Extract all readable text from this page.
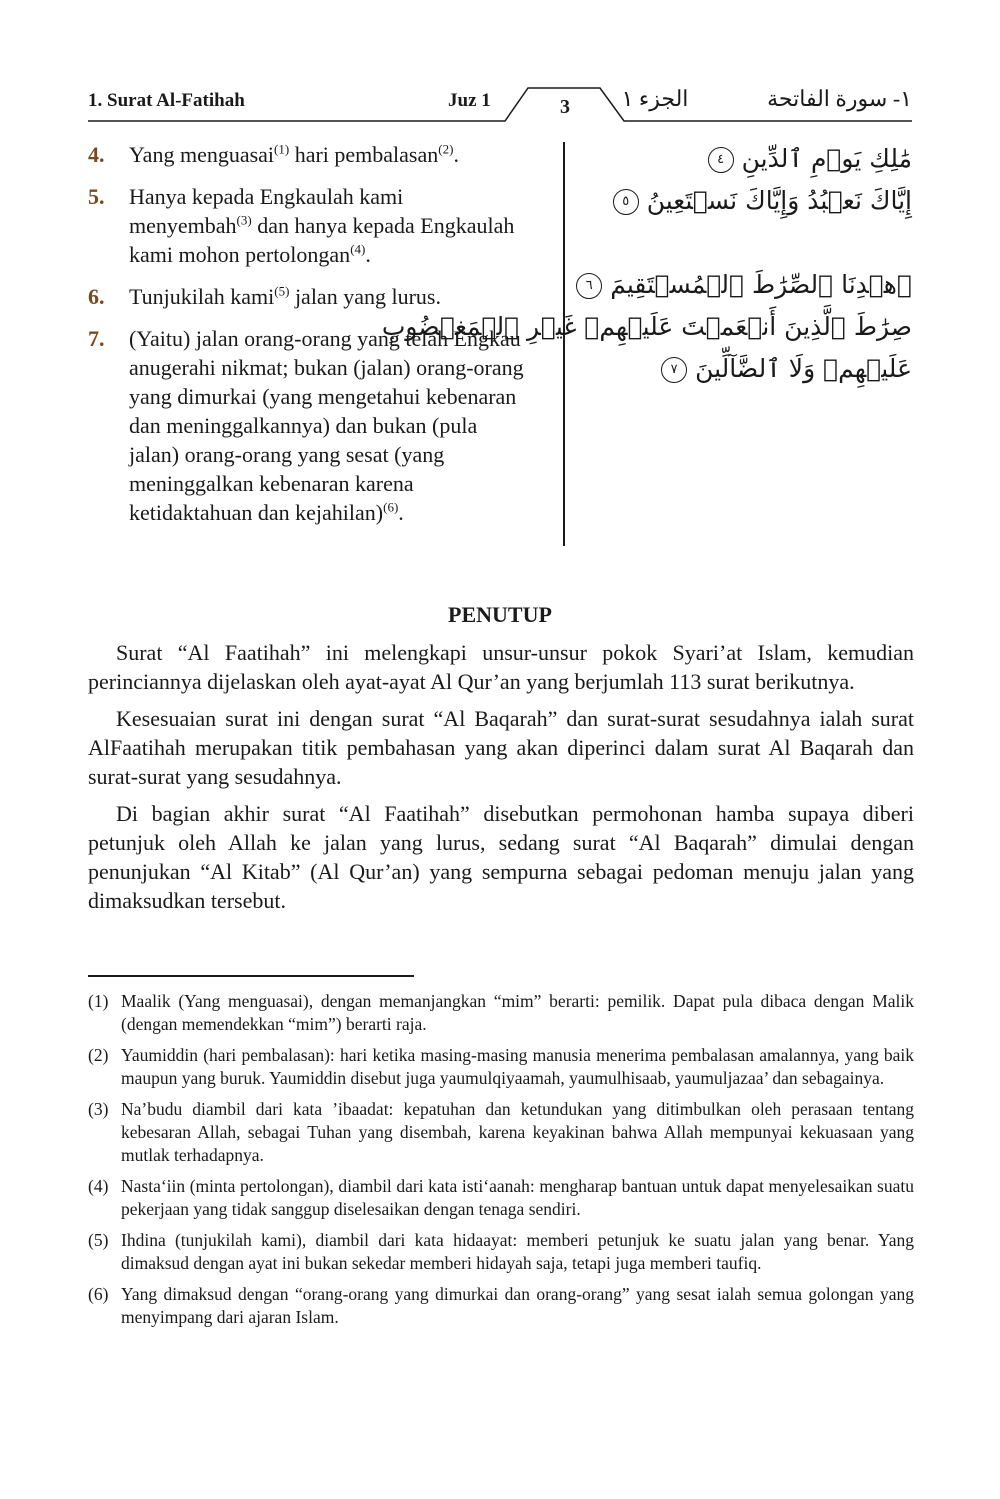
1. Surat Al-Fatihah	Juz 1	3	الجزء ١	١- سورة الفاتحة
4.	Yang menguasai$^{(1)}$ hari pembalasan$^{(2)}$.
5.	Hanya kepada Engkaulah kami menyembah$^{(3)}$ dan hanya kepada Engkaulah kami mohon pertolongan$^{(4)}$.
6.	Tunjukilah kami$^{(5)}$ jalan yang lurus.
7.	(Yaitu) jalan orang-orang yang telah Engkau anugerahi nikmat; bukan (jalan) orang-orang yang dimurkai (yang mengetahui kebenaran dan meninggalkannya) dan bukan (pula jalan) orang-orang yang sesat (yang meninggalkan kebenaran karena ketidaktahuan dan kejahilan)$^{(6)}$.
مَٰلِكِ يَوۡمِ ٱلدِّينِ ٤
إِيَّاكَ نَعۡبُدُ وَإِيَّاكَ نَسۡتَعِينُ ٥
ٱهۡدِنَا ٱلصِّرَٰطَ ٱلۡمُسۡتَقِيمَ ٦
صِرَٰطَ ٱلَّذِينَ أَنۡعَمۡتَ عَلَيۡهِمۡ غَيۡرِ ٱلۡمَغۡضُوبِ
عَلَيۡهِمۡ وَلَا ٱلضَّآلِّينَ ٧
PENUTUP

Surat “Al Faatihah” ini melengkapi unsur-unsur pokok Syari’at Islam, kemudian perinciannya dijelaskan oleh ayat-ayat Al Qur’an yang berjumlah 113 surat berikutnya.

Kesesuaian surat ini dengan surat “Al Baqarah” dan surat-surat sesudahnya ialah surat AlFaatihah merupakan titik pembahasan yang akan diperinci dalam surat Al Baqarah dan surat-surat yang sesudahnya.

Di bagian akhir surat “Al Faatihah” disebutkan permohonan hamba supaya diberi petunjuk oleh Allah ke jalan yang lurus, sedang surat “Al Baqarah” dimulai dengan penunjukan “Al Kitab” (Al Qur’an) yang sempurna sebagai pedoman menuju jalan yang dimaksudkan tersebut.

(1) Maalik (Yang menguasai), dengan memanjangkan “mim” berarti: pemilik. Dapat pula dibaca dengan Malik (dengan memendekkan “mim”) berarti raja.
(2) Yaumiddin (hari pembalasan): hari ketika masing-masing manusia menerima pembalasan amalannya, yang baik maupun yang buruk. Yaumiddin disebut juga yaumulqiyaamah, yaumulhisaab, yaumuljazaa’ dan sebagainya.
(3) Na’budu diambil dari kata ’ibaadat: kepatuhan dan ketundukan yang ditimbulkan oleh perasaan tentang kebesaran Allah, sebagai Tuhan yang disembah, karena keyakinan bahwa Allah mempunyai kekuasaan yang mutlak terhadapnya.
(4) Nasta‘iin (minta pertolongan), diambil dari kata isti‘aanah: mengharap bantuan untuk dapat menyelesaikan suatu pekerjaan yang tidak sanggup diselesaikan dengan tenaga sendiri.
(5) Ihdina (tunjukilah kami), diambil dari kata hidaayat: memberi petunjuk ke suatu jalan yang benar. Yang dimaksud dengan ayat ini bukan sekedar memberi hidayah saja, tetapi juga memberi taufiq.
(6) Yang dimaksud dengan “orang-orang yang dimurkai dan orang-orang” yang sesat ialah semua golongan yang menyimpang dari ajaran Islam.
